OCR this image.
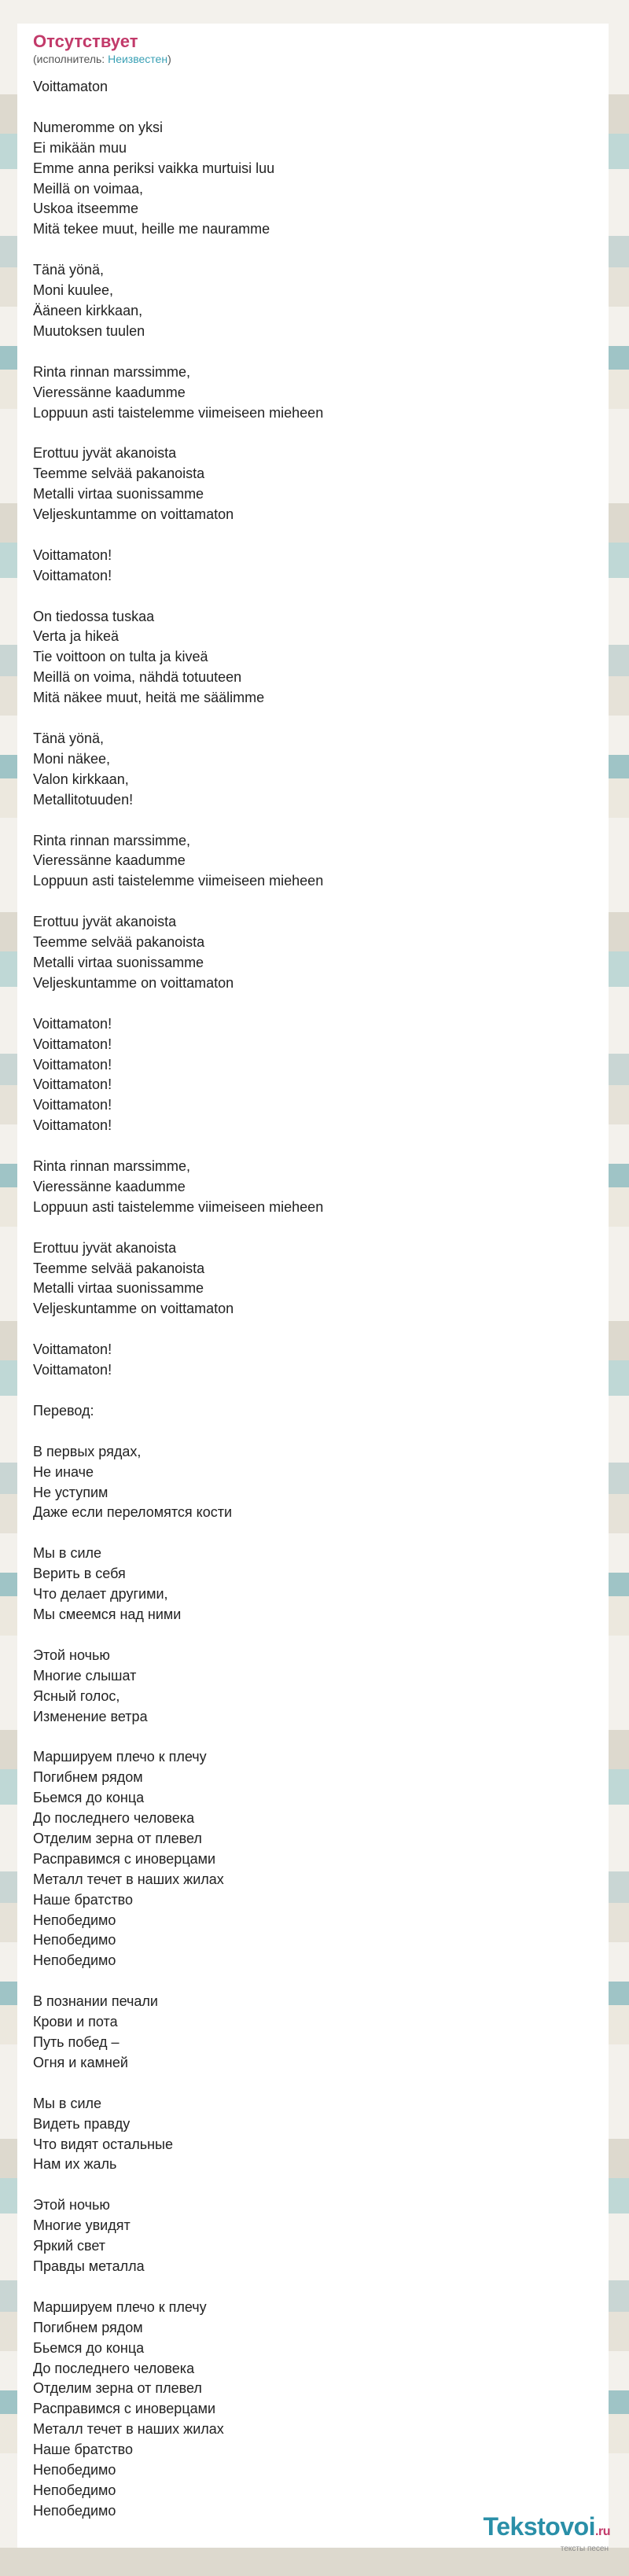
Отсутствует
(исполнитель: Неизвестен)
Voittamaton

Numeromme on yksi
Ei mikään muu
Emme anna periksi vaikka murtuisi luu
Meillä on voimaa,
Uskoa itseemme
Mitä tekee muut, heille me nauramme

Tänä yönä,
Moni kuulee,
Ääneen kirkkaan,
Muutoksen tuulen

Rinta rinnan marssimme,
Vieressänne kaadumme
Loppuun asti taistelemme viimeiseen mieheen

Erottuu jyvät akanoista
Teemme selvää pakanoista
Metalli virtaa suonissamme
Veljeskuntamme on voittamaton

Voittamaton!
Voittamaton!

On tiedossa tuskaa
Verta ja hikeä
Tie voittoon on tulta ja kiveä
Meillä on voima, nähdä totuuteen
Mitä näkee muut, heitä me säälimme

Tänä yönä,
Moni näkee,
Valon kirkkaan,
Metallitotuuden!

Rinta rinnan marssimme,
Vieressänne kaadumme
Loppuun asti taistelemme viimeiseen mieheen

Erottuu jyvät akanoista
Teemme selvää pakanoista
Metalli virtaa suonissamme
Veljeskuntamme on voittamaton

Voittamaton!
Voittamaton!
Voittamaton!
Voittamaton!
Voittamaton!
Voittamaton!

Rinta rinnan marssimme,
Vieressänne kaadumme
Loppuun asti taistelemme viimeiseen mieheen

Erottuu jyvät akanoista
Teemme selvää pakanoista
Metalli virtaa suonissamme
Veljeskuntamme on voittamaton

Voittamaton!
Voittamaton!

Перевод:

В первых рядах,
Не иначе
Не уступим
Даже если переломятся кости

Мы в силе
Верить в себя
Что делает другими,
Мы смеемся над ними

Этой ночью
Многие слышат
Ясный голос,
Изменение ветра

Маршируем плечо к плечу
Погибнем рядом
Бьемся до конца
До последнего человека
Отделим зерна от плевел
Расправимся с иноверцами
Металл течет в наших жилах
Наше братство
Непобедимо
Непобедимо
Непобедимо

В познании печали
Крови и пота
Путь побед –
Огня и камней

Мы в силе
Видеть правду
Что видят остальные
Нам их жаль

Этой ночью
Многие увидят
Яркий свет
Правды металла

Маршируем плечо к плечу
Погибнем рядом
Бьемся до конца
До последнего человека
Отделим зерна от плевел
Расправимся с иноверцами
Металл течет в наших жилах
Наше братство
Непобедимо
Непобедимо
Непобедимо
Tekstovoi.ru
тексты песен
